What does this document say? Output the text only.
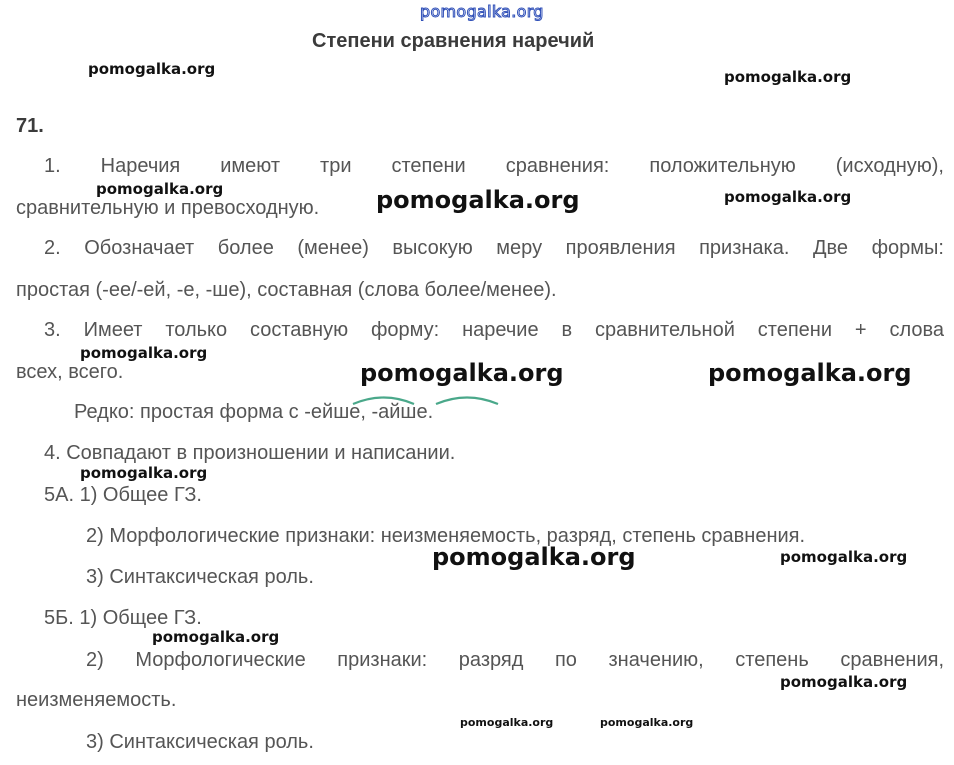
pomogalka.org
Степени сравнения наречий
71.
1. Наречия имеют три степени сравнения: положительную (исходную),
сравнительную и превосходную.
2. Обозначает более (менее) высокую меру проявления признака. Две формы:
простая (-ее/-ей, -е, -ше), составная (слова более/менее).
3. Имеет только составную форму: наречие в сравнительной степени + слова
всех, всего.
Редко: простая форма с -ейше, -айше.
4. Совпадают в произношении и написании.
5А. 1) Общее ГЗ.
2) Морфологические признаки: неизменяемость, разряд, степень сравнения.
3) Синтаксическая роль.
5Б. 1) Общее ГЗ.
2) Морфологические признаки: разряд по значению, степень сравнения,
неизменяемость.
3) Синтаксическая роль.
pomogalka.org	pomogalka.org
pomogalka.org	pomogalka.org	pomogalka.org
pomogalka.org
pomogalka.org	pomogalka.org
pomogalka.org
pomogalka.org	pomogalka.org
pomogalka.org
pomogalka.org
pomogalka.org	pomogalka.org
